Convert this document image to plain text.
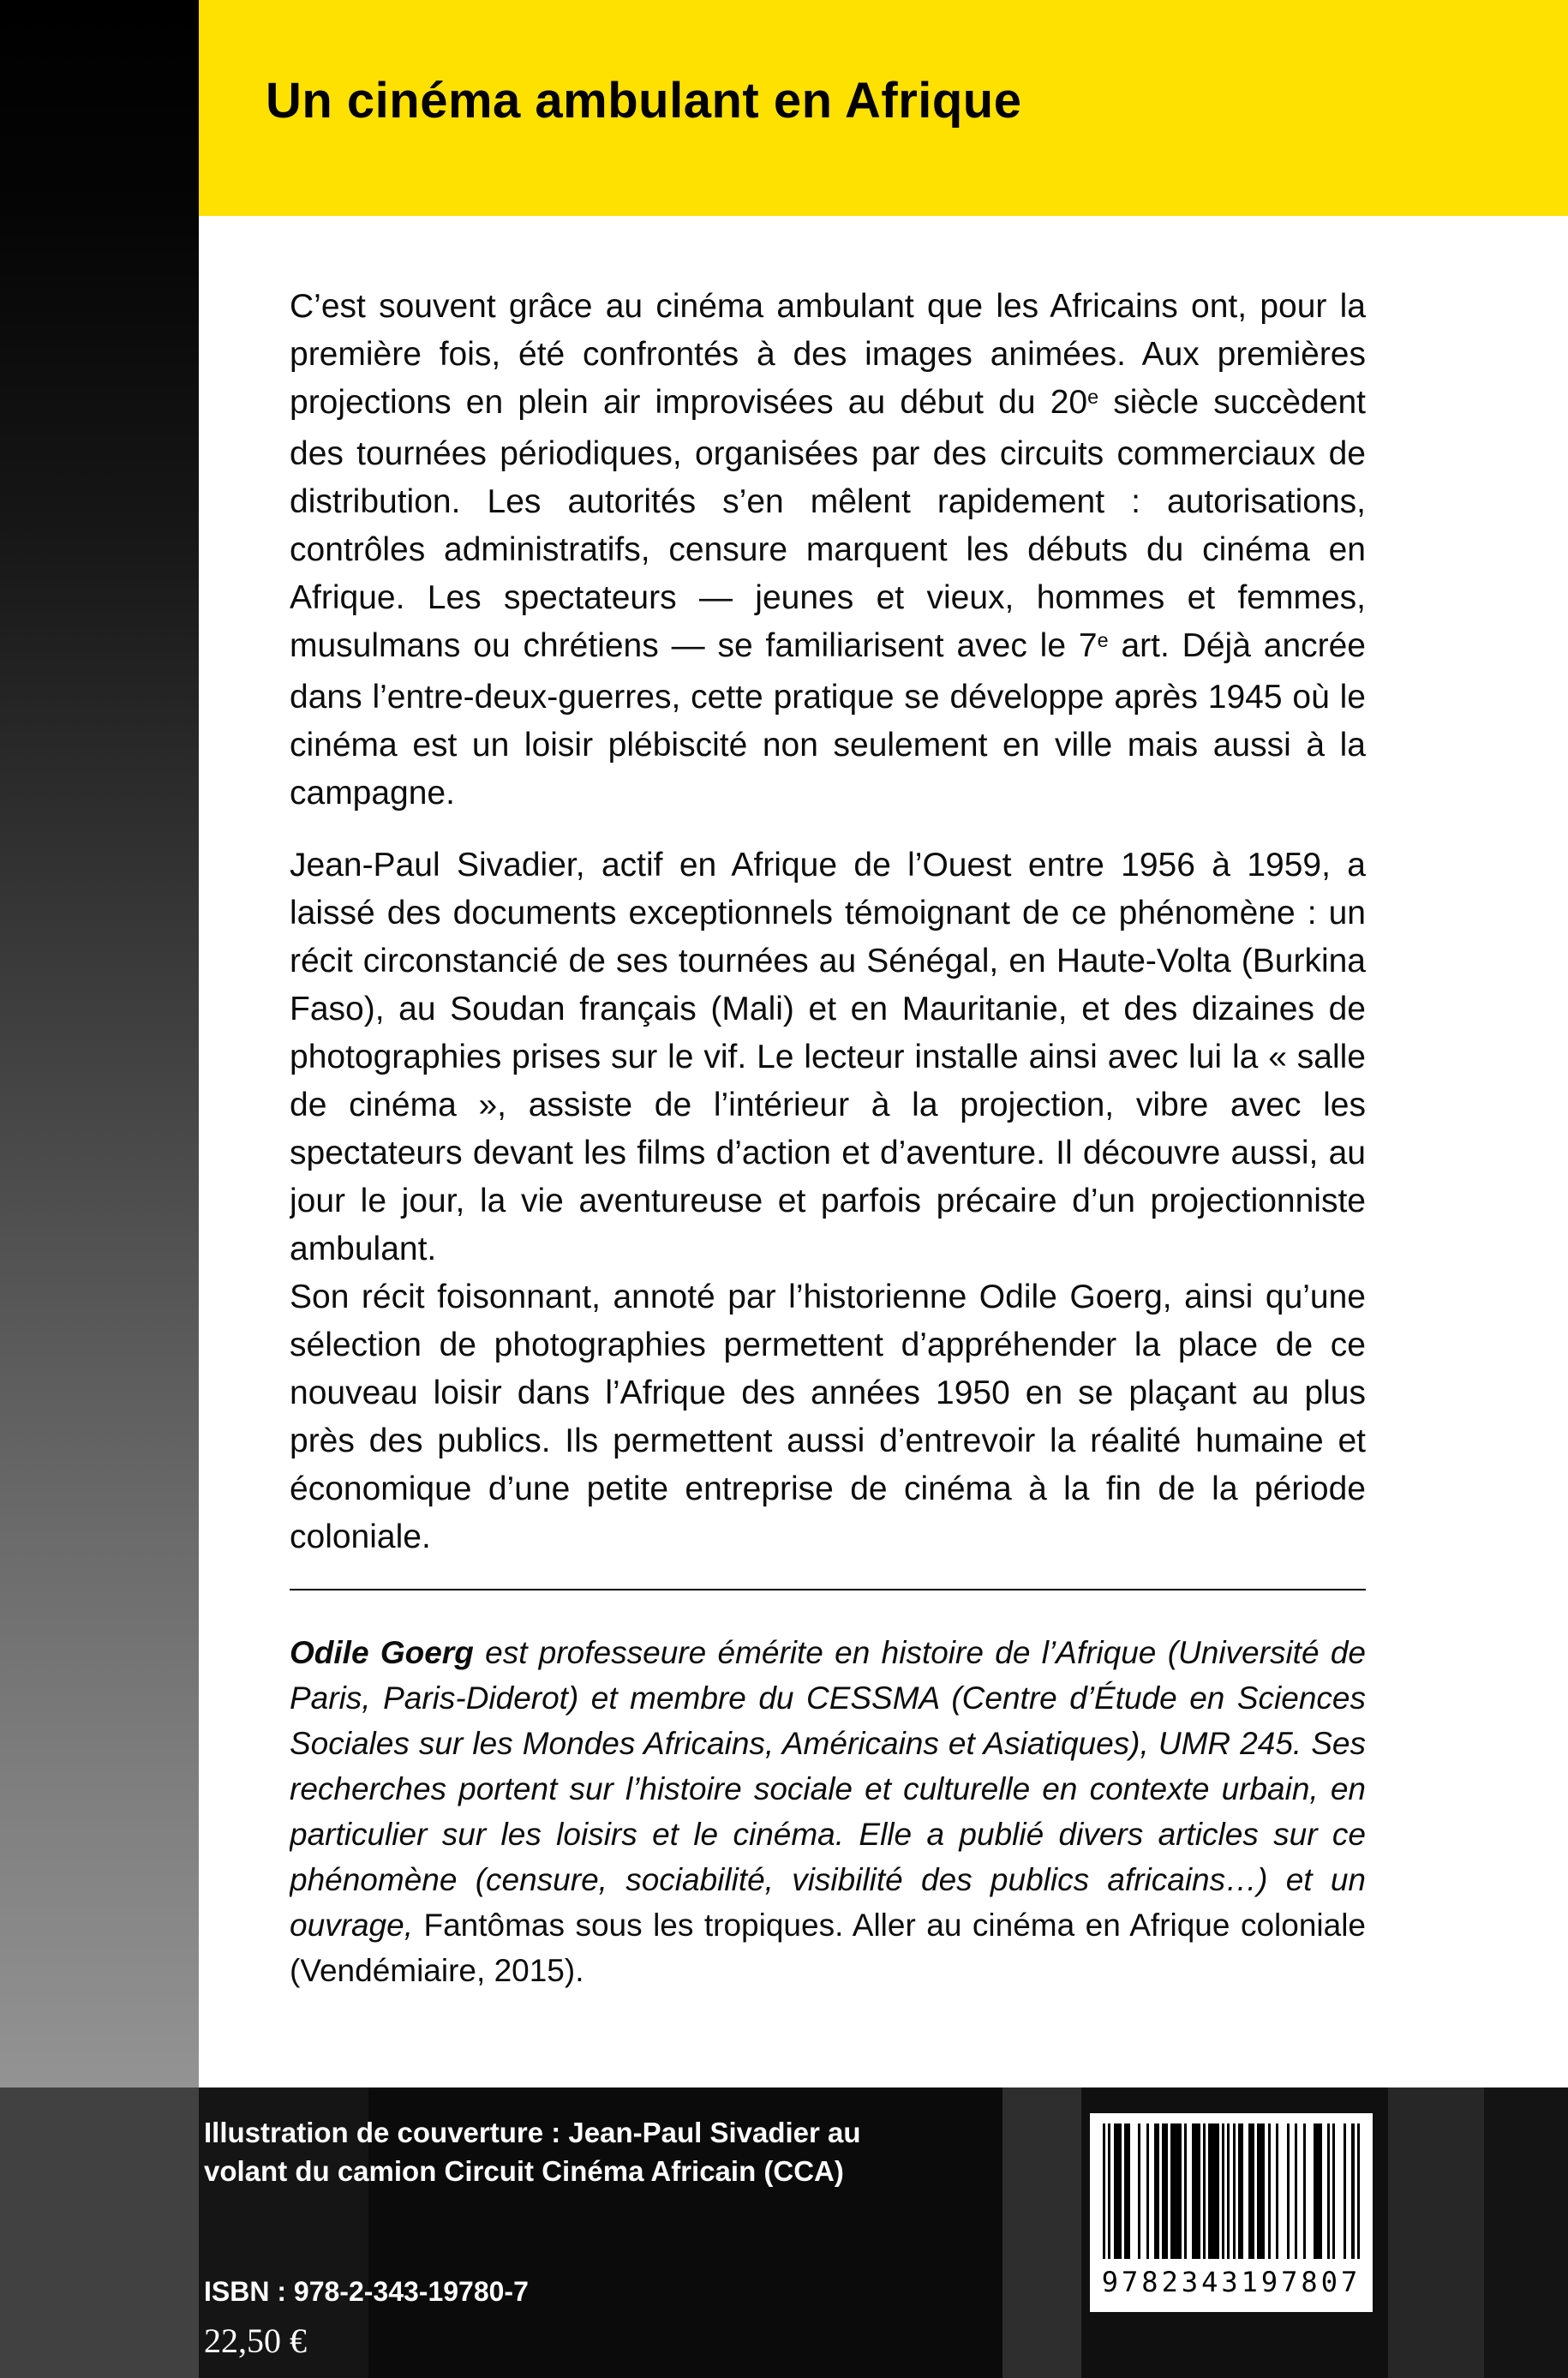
Un cinéma ambulant en Afrique

C’est souvent grâce au cinéma ambulant que les Africains ont, pour la première fois, été confrontés à des images animées. Aux premières projections en plein air improvisées au début du 20e siècle succèdent des tournées périodiques, organisées par des circuits commerciaux de distribution. Les autorités s’en mêlent rapidement : autorisations, contrôles administratifs, censure marquent les débuts du cinéma en Afrique. Les spectateurs — jeunes et vieux, hommes et femmes, musulmans ou chrétiens — se familiarisent avec le 7e art. Déjà ancrée dans l’entre-deux-guerres, cette pratique se développe après 1945 où le cinéma est un loisir plébiscité non seulement en ville mais aussi à la campagne.

Jean-Paul Sivadier, actif en Afrique de l’Ouest entre 1956 à 1959, a laissé des documents exceptionnels témoignant de ce phénomène : un récit circonstancié de ses tournées au Sénégal, en Haute-Volta (Burkina Faso), au Soudan français (Mali) et en Mauritanie, et des dizaines de photographies prises sur le vif. Le lecteur installe ainsi avec lui la « salle de cinéma », assiste de l’intérieur à la projection, vibre avec les spectateurs devant les films d’action et d’aventure. Il découvre aussi, au jour le jour, la vie aventureuse et parfois précaire d’un projectionniste ambulant.

Son récit foisonnant, annoté par l’historienne Odile Goerg, ainsi qu’une sélection de photographies permettent d’appréhender la place de ce nouveau loisir dans l’Afrique des années 1950 en se plaçant au plus près des publics. Ils permettent aussi d’entrevoir la réalité humaine et économique d’une petite entreprise de cinéma à la fin de la période coloniale.

Odile Goerg est professeure émérite en histoire de l’Afrique (Université de Paris, Paris-Diderot) et membre du CESSMA (Centre d’Étude en Sciences Sociales sur les Mondes Africains, Américains et Asiatiques), UMR 245. Ses recherches portent sur l’histoire sociale et culturelle en contexte urbain, en particulier sur les loisirs et le cinéma. Elle a publié divers articles sur ce phénomène (censure, sociabilité, visibilité des publics africains…) et un ouvrage, Fantômas sous les tropiques. Aller au cinéma en Afrique coloniale (Vendémiaire, 2015).

Illustration de couverture : Jean-Paul Sivadier au
volant du camion Circuit Cinéma Africain (CCA)
ISBN : 978-2-343-19780-7
22,50 €
9782343197807
